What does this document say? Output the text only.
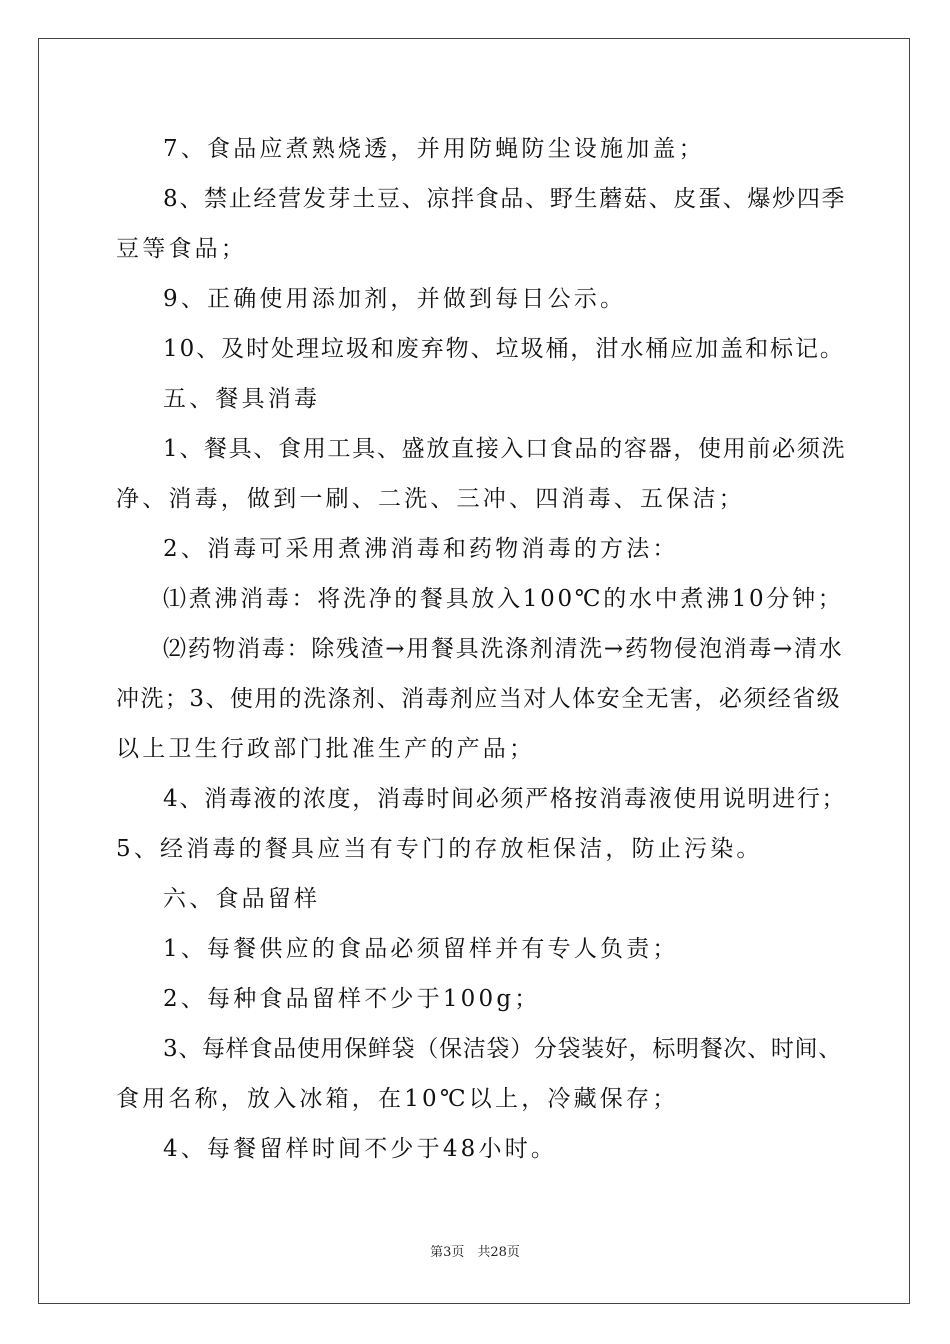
7、食品应煮熟烧透，并用防蝇防尘设施加盖；
8、禁止经营发芽土豆、凉拌食品、野生蘑菇、皮蛋、爆炒四季
豆等食品；
9、正确使用添加剂，并做到每日公示。
10、及时处理垃圾和废弃物、垃圾桶，泔水桶应加盖和标记。
五、餐具消毒
1、餐具、食用工具、盛放直接入口食品的容器，使用前必须洗
净、消毒，做到一刷、二洗、三冲、四消毒、五保洁；
2、消毒可采用煮沸消毒和药物消毒的方法：
⑴煮沸消毒：将洗净的餐具放入100℃的水中煮沸10分钟；
⑵药物消毒：除残渣→用餐具洗涤剂清洗→药物侵泡消毒→清水
冲洗；3、使用的洗涤剂、消毒剂应当对人体安全无害，必须经省级
以上卫生行政部门批准生产的产品；
4、消毒液的浓度，消毒时间必须严格按消毒液使用说明进行；
5、经消毒的餐具应当有专门的存放柜保洁，防止污染。
六、食品留样
1、每餐供应的食品必须留样并有专人负责；
2、每种食品留样不少于100g；
3、每样食品使用保鲜袋（保洁袋）分袋装好，标明餐次、时间、
食用名称，放入冰箱，在10℃以上，冷藏保存；
4、每餐留样时间不少于48小时。
第3页　共28页
